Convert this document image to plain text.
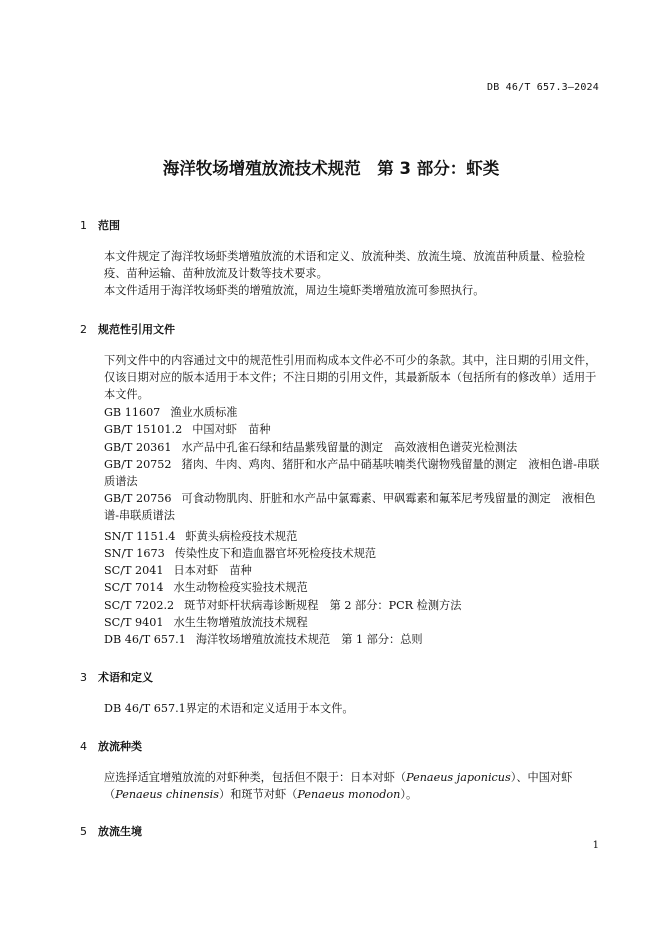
DB 46/T 657.3—2024
海洋牧场增殖放流技术规范　第 3 部分：虾类
1 范围
本文件规定了海洋牧场虾类增殖放流的术语和定义、放流种类、放流生境、放流苗种质量、检验检疫、苗种运输、苗种放流及计数等技术要求。
本文件适用于海洋牧场虾类的增殖放流，周边生境虾类增殖放流可参照执行。
2 规范性引用文件
下列文件中的内容通过文中的规范性引用而构成本文件必不可少的条款。其中，注日期的引用文件，仅该日期对应的版本适用于本文件；不注日期的引用文件，其最新版本（包括所有的修改单）适用于本文件。
GB 11607 渔业水质标准
GB/T 15101.2 中国对虾　苗种
GB/T 20361 水产品中孔雀石绿和结晶紫残留量的测定　高效液相色谱荧光检测法
GB/T 20752 猪肉、牛肉、鸡肉、猪肝和水产品中硝基呋喃类代谢物残留量的测定　液相色谱-串联质谱法
GB/T 20756 可食动物肌肉、肝脏和水产品中氯霉素、甲砜霉素和氟苯尼考残留量的测定　液相色谱-串联质谱法
SN/T 1151.4 虾黄头病检疫技术规范
SN/T 1673 传染性皮下和造血器官坏死检疫技术规范
SC/T 2041 日本对虾　苗种
SC/T 7014 水生动物检疫实验技术规范
SC/T 7202.2 斑节对虾杆状病毒诊断规程　第 2 部分：PCR 检测方法
SC/T 9401 水生生物增殖放流技术规程
DB 46/T 657.1 海洋牧场增殖放流技术规范　第 1 部分：总则
3 术语和定义
DB 46/T 657.1界定的术语和定义适用于本文件。
4 放流种类
应选择适宜增殖放流的对虾种类，包括但不限于：日本对虾（Penaeus japonicus）、中国对虾（Penaeus chinensis）和斑节对虾（Penaeus monodon）。
5 放流生境
1
